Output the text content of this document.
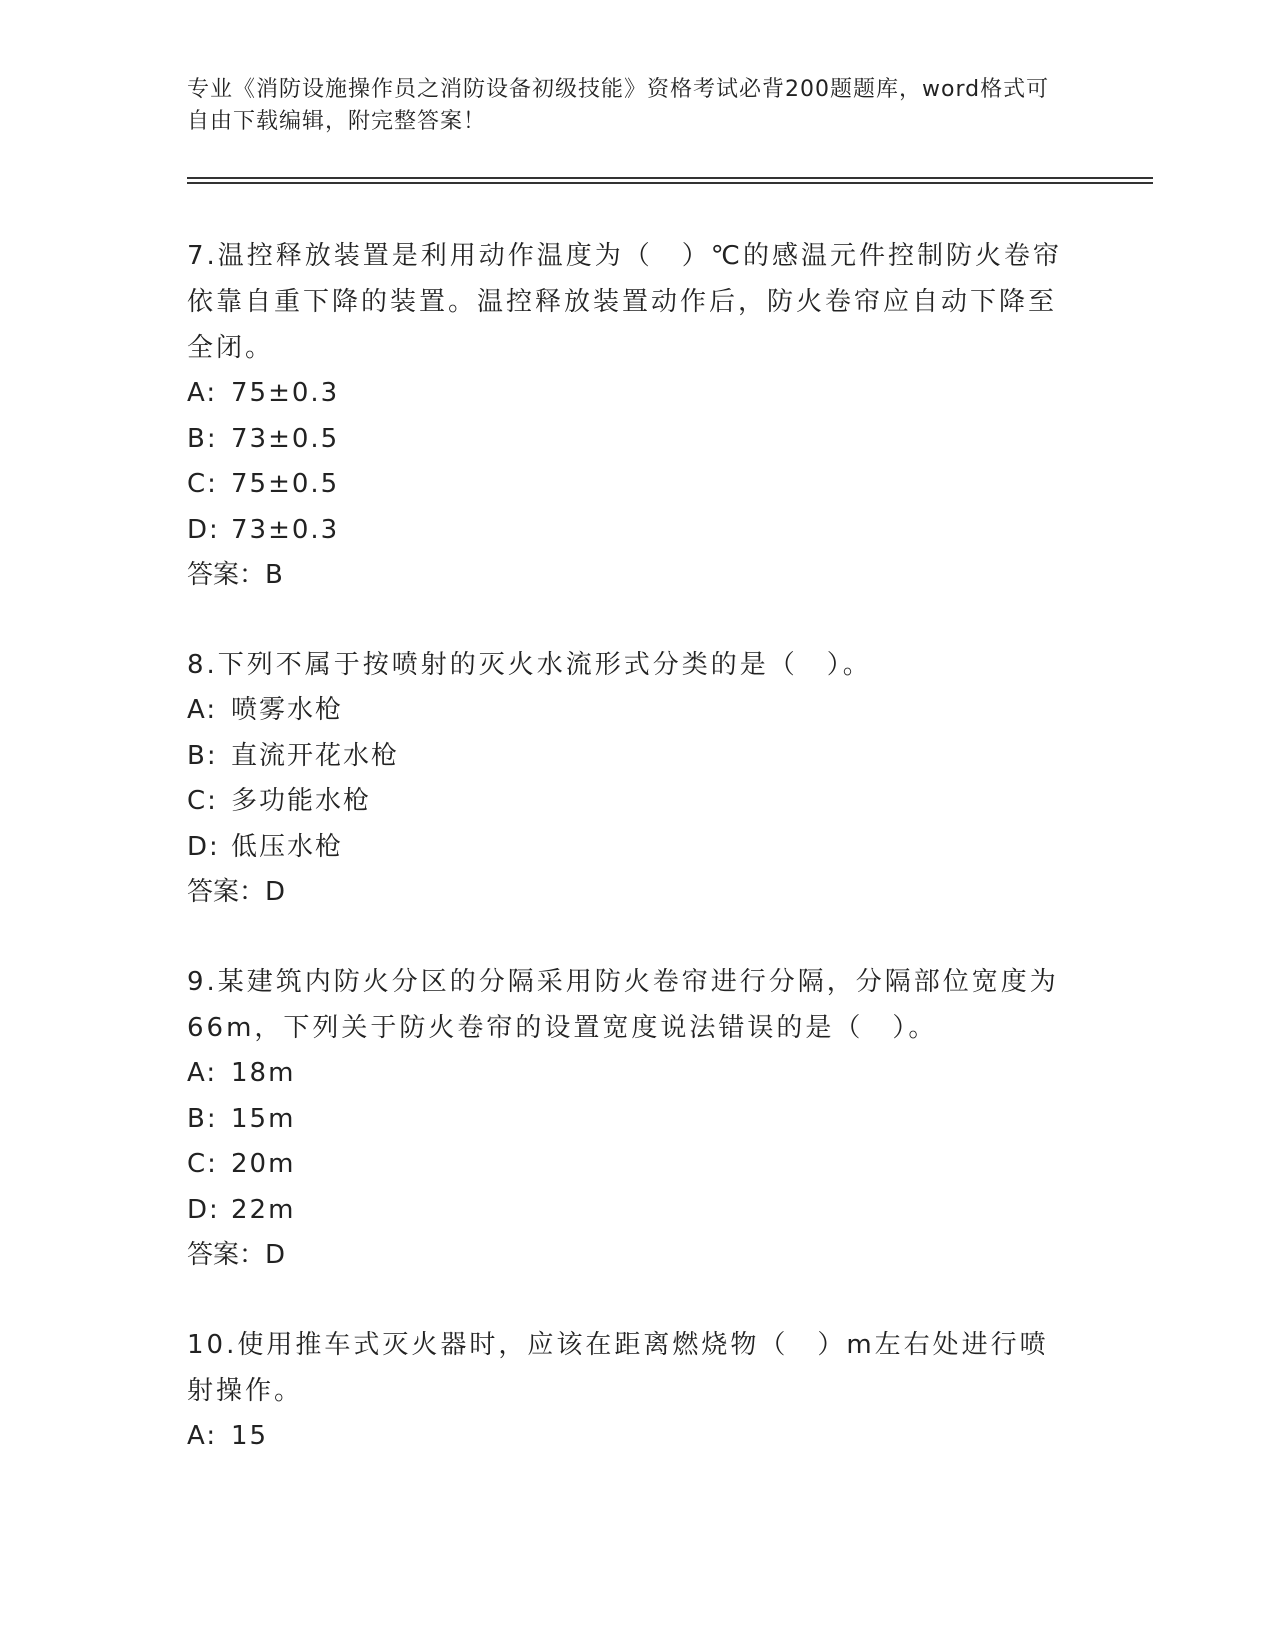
专业《消防设施操作员之消防设备初级技能》资格考试必背200题题库，word格式可自由下载编辑，附完整答案！

7.温控释放装置是利用动作温度为（　）℃的感温元件控制防火卷帘依靠自重下降的装置。温控释放装置动作后，防火卷帘应自动下降至全闭。

A: 75±0.3

B: 73±0.5

C: 75±0.5

D: 73±0.3

答案：B

8.下列不属于按喷射的灭火水流形式分类的是（　）。

A: 喷雾水枪

B: 直流开花水枪

C: 多功能水枪

D: 低压水枪

答案：D

9.某建筑内防火分区的分隔采用防火卷帘进行分隔，分隔部位宽度为66m，下列关于防火卷帘的设置宽度说法错误的是（　）。

A: 18m

B: 15m

C: 20m

D: 22m

答案：D

10.使用推车式灭火器时，应该在距离燃烧物（　）m左右处进行喷射操作。

A: 15
